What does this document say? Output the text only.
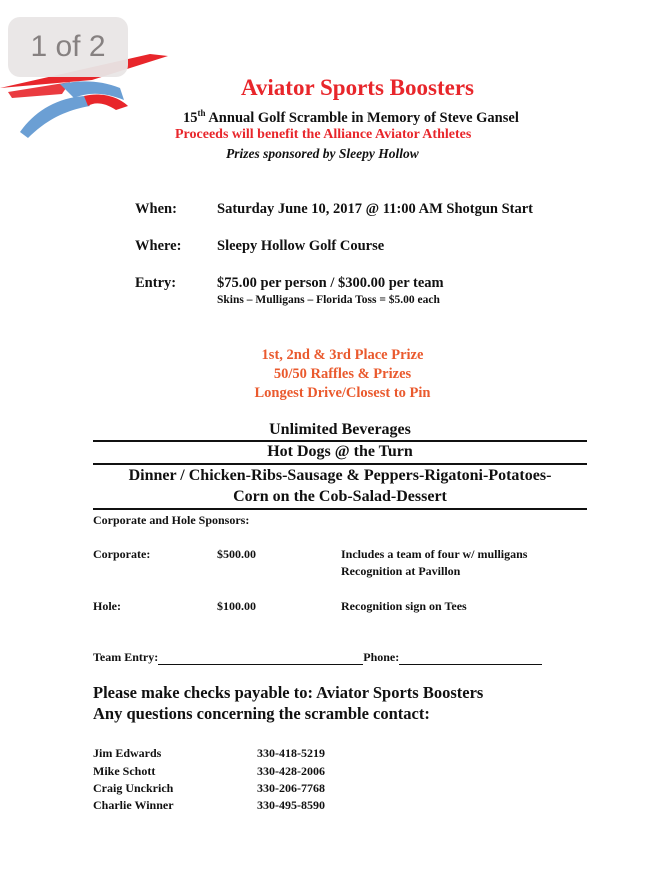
1 of 2
Aviator Sports Boosters
15th Annual Golf Scramble in Memory of Steve Gansel
Proceeds will benefit the Alliance Aviator Athletes
Prizes sponsored by Sleepy Hollow
When:	Saturday June 10, 2017 @ 11:00 AM Shotgun Start
Where: Sleepy Hollow Golf Course
Entry:	$75.00 per person / $300.00 per team
Skins – Mulligans – Florida Toss = $5.00 each
1st, 2nd & 3rd Place Prize
50/50 Raffles & Prizes
Longest Drive/Closest to Pin
Unlimited Beverages
Hot Dogs @ the Turn
Dinner / Chicken-Ribs-Sausage & Peppers-Rigatoni-Potatoes-
Corn on the Cob-Salad-Dessert
Corporate and Hole Sponsors:
Corporate:	$500.00	Includes a team of four w/ mulligans
Recognition at Pavillon
Hole:	$100.00	Recognition sign on Tees
Team Entry:	Phone:
Please make checks payable to: Aviator Sports Boosters
Any questions concerning the scramble contact:
Jim Edwards	330-418-5219
Mike Schott	330-428-2006
Craig Unckrich	330-206-7768
Charlie Winner	330-495-8590
